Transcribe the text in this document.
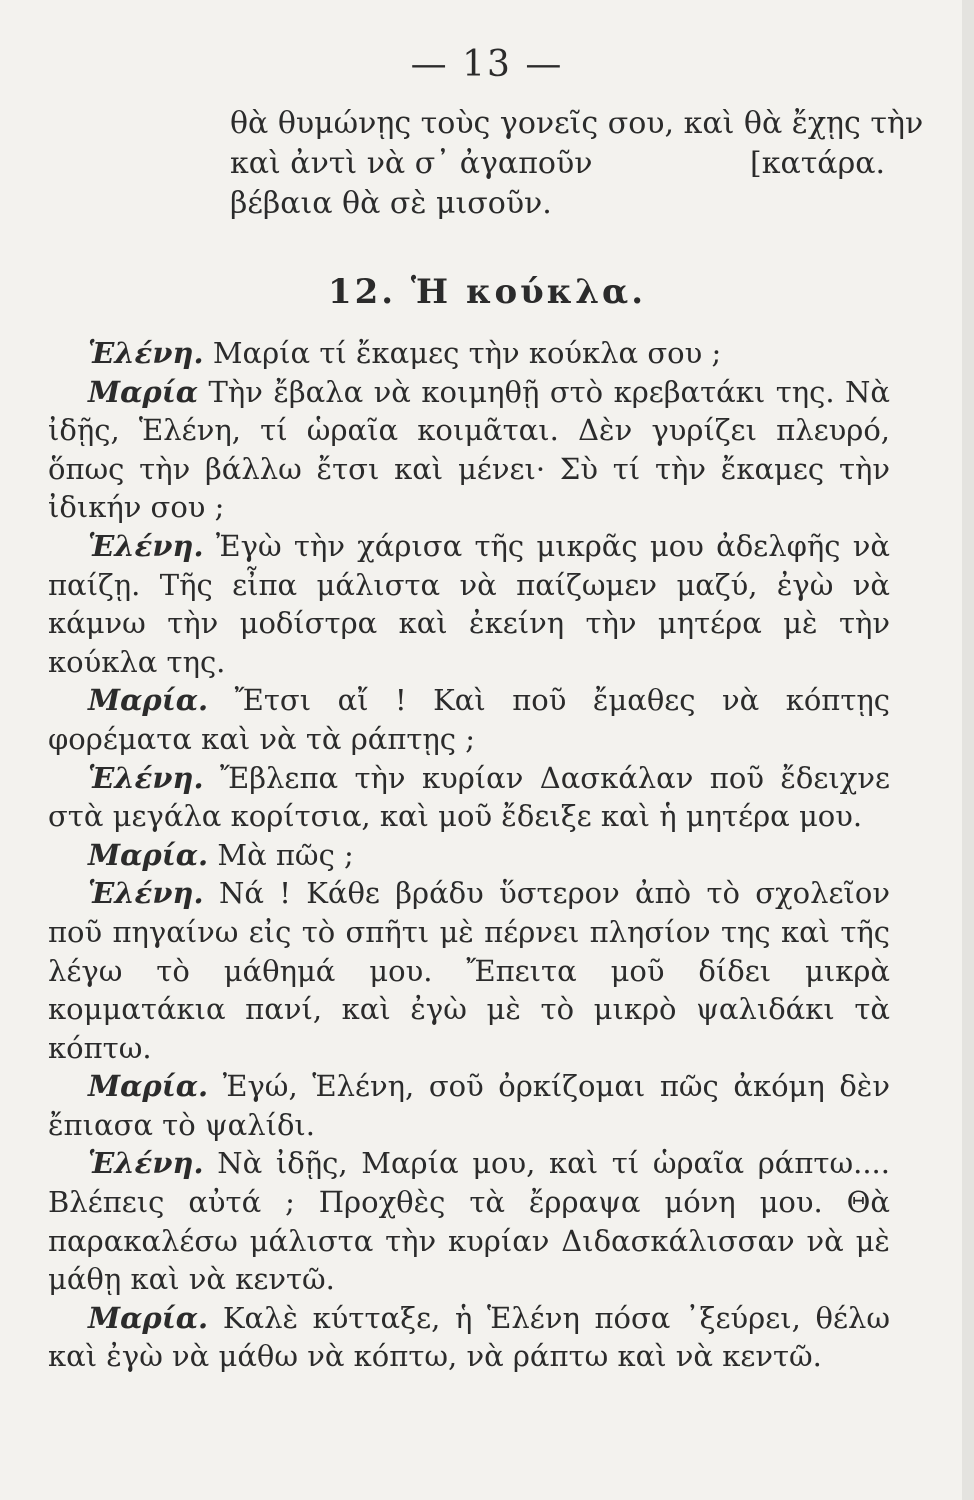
— 13 —
θὰ θυμώνῃς τοὺς γονεῖς σου, καὶ θὰ ἔχῃς τὴν
καὶ ἀντὶ νὰ σ᾿ ἀγαποῦν	[κατάρα.
βέβαια θὰ σὲ μισοῦν.
12. Ἡ κούκλα.

Ἑλένη. Μαρία τί ἔκαμες τὴν κούκλα σου ;

Μαρία Τὴν ἔβαλα νὰ κοιμηθῇ στὸ κρεβατάκι της. Νὰ ἰδῇς, Ἑλένη, τί ὡραῖα κοιμᾶται. Δὲν γυρίζει πλευρό, ὅπως τὴν βάλλω ἔτσι καὶ μένει· Σὺ τί τὴν ἔκαμες τὴν ἰδικήν σου ;

Ἑλένη. Ἐγὼ τὴν χάρισα τῆς μικρᾶς μου ἀδελφῆς νὰ παίζῃ. Τῆς εἶπα μάλιστα νὰ παίζωμεν μαζύ, ἐγὼ νὰ κάμνω τὴν μοδίστρα καὶ ἐκείνη τὴν μητέρα μὲ τὴν κούκλα της.

Μαρία. Ἔτσι αἴ ! Καὶ ποῦ ἔμαθες νὰ κόπτῃς φορέματα καὶ νὰ τὰ ράπτῃς ;

Ἑλένη. Ἔβλεπα τὴν κυρίαν Δασκάλαν ποῦ ἔδειχνε στὰ μεγάλα κορίτσια, καὶ μοῦ ἔδειξε καὶ ἡ μητέρα μου.

Μαρία. Μὰ πῶς ;

Ἑλένη. Νά ! Κάθε βράδυ ὕστερον ἀπὸ τὸ σχολεῖον ποῦ πηγαίνω εἰς τὸ σπῆτι μὲ πέρνει πλησίον της καὶ τῆς λέγω τὸ μάθημά μου. Ἔπειτα μοῦ δίδει μικρὰ κομματάκια πανί, καὶ ἐγὼ μὲ τὸ μικρὸ ψαλιδάκι τὰ κόπτω.

Μαρία. Ἐγώ, Ἑλένη, σοῦ ὀρκίζομαι πῶς ἀκόμη δὲν ἔπιασα τὸ ψαλίδι.

Ἑλένη. Νὰ ἰδῇς, Μαρία μου, καὶ τί ὡραῖα ράπτω.... Βλέπεις αὐτά ; Προχθὲς τὰ ἔρραψα μόνη μου. Θὰ παρακαλέσω μάλιστα τὴν κυρίαν Διδασκάλισσαν νὰ μὲ μάθῃ καὶ νὰ κεντῶ.

Μαρία. Καλὲ κύτταξε, ἡ Ἑλένη πόσα ᾽ξεύρει, θέλω καὶ ἐγὼ νὰ μάθω νὰ κόπτω, νὰ ράπτω καὶ νὰ κεντῶ.
